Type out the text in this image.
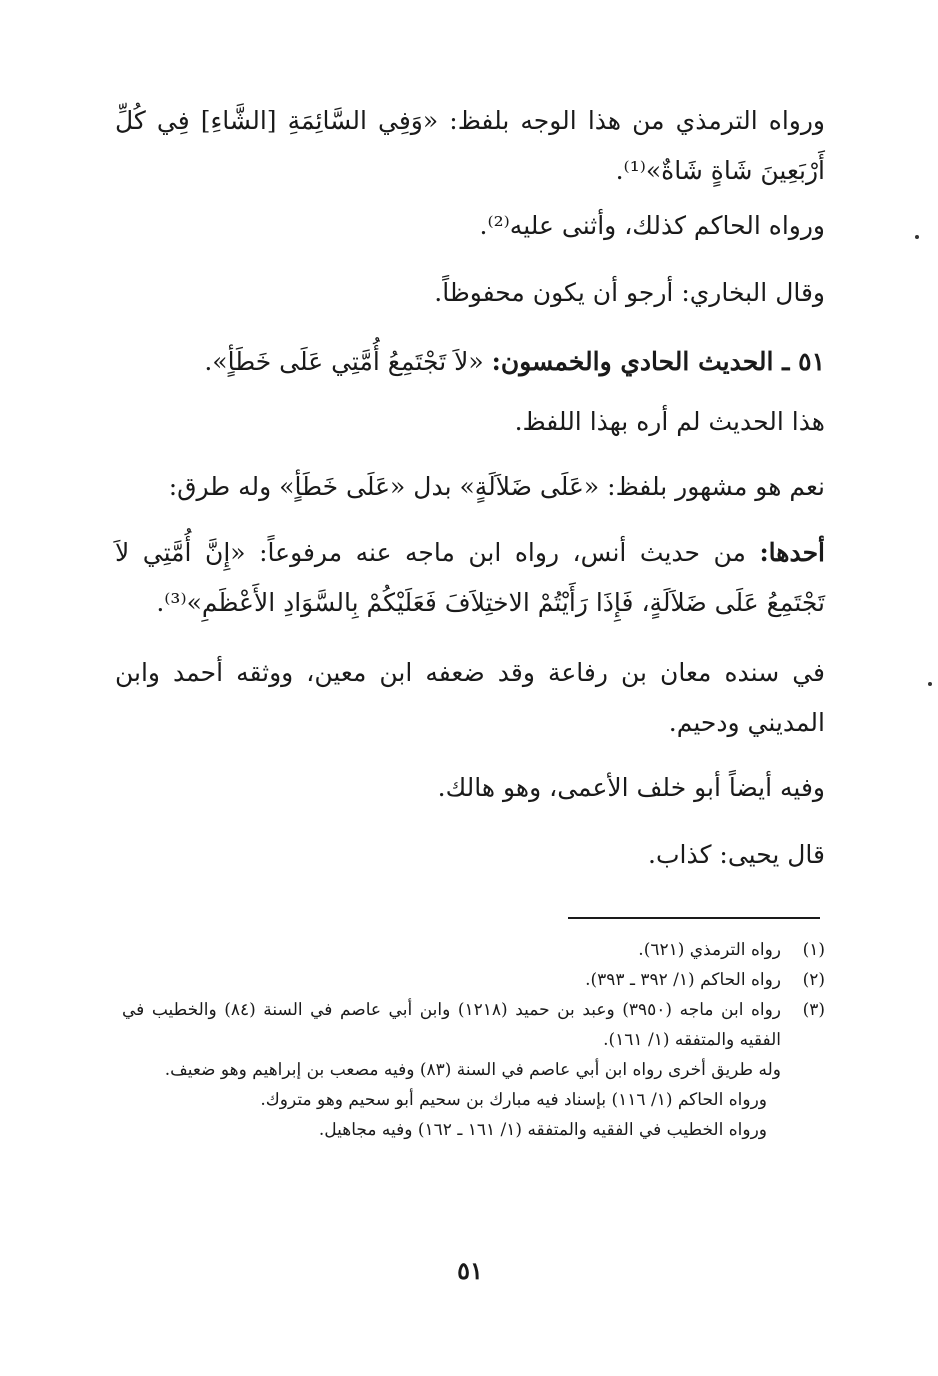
ورواه الترمذي من هذا الوجه بلفظ: «وَفِي السَّائِمَةِ [الشَّاءِ] فِي كُلِّ أَرْبَعِينَ شَاةٍ شَاةٌ»⁽¹⁾.

ورواه الحاكم كذلك، وأثنى عليه⁽²⁾.

وقال البخاري: أرجو أن يكون محفوظاً.

٥١ ـ الحديث الحادي والخمسون: «لاَ تَجْتَمِعُ أُمَّتِي عَلَى خَطَأٍ».

هذا الحديث لم أره بهذا اللفظ.

نعم هو مشهور بلفظ: «عَلَى ضَلاَلَةٍ» بدل «عَلَى خَطَأٍ» وله طرق:

أحدها: من حديث أنس، رواه ابن ماجه عنه مرفوعاً: «إِنَّ أُمَّتِي لاَ تَجْتَمِعُ عَلَى ضَلاَلَةٍ، فَإِذَا رَأَيْتُمْ الاختِلاَفَ فَعَلَيْكُمْ بِالسَّوَادِ الأَعْظَمِ»⁽³⁾.

في سنده معان بن رفاعة وقد ضعفه ابن معين، ووثقه أحمد وابن المديني ودحيم.

وفيه أيضاً أبو خلف الأعمى، وهو هالك.

قال يحيى: كذاب.

(١)
رواه الترمذي (٦٢١).
(٢)
رواه الحاكم (١/ ٣٩٢ ـ ٣٩٣).
(٣)
رواه ابن ماجه (٣٩٥٠) وعبد بن حميد (١٢١٨) وابن أبي عاصم في السنة (٨٤) والخطيب في الفقيه والمتفقه (١/ ١٦١).
وله طريق أخرى رواه ابن أبي عاصم في السنة (٨٣) وفيه مصعب بن إبراهيم وهو ضعيف.
ورواه الحاكم (١/ ١١٦) بإسناد فيه مبارك بن سحيم أبو سحيم وهو متروك.
ورواه الخطيب في الفقيه والمتفقه (١/ ١٦١ ـ ١٦٢) وفيه مجاهيل.
٥١
